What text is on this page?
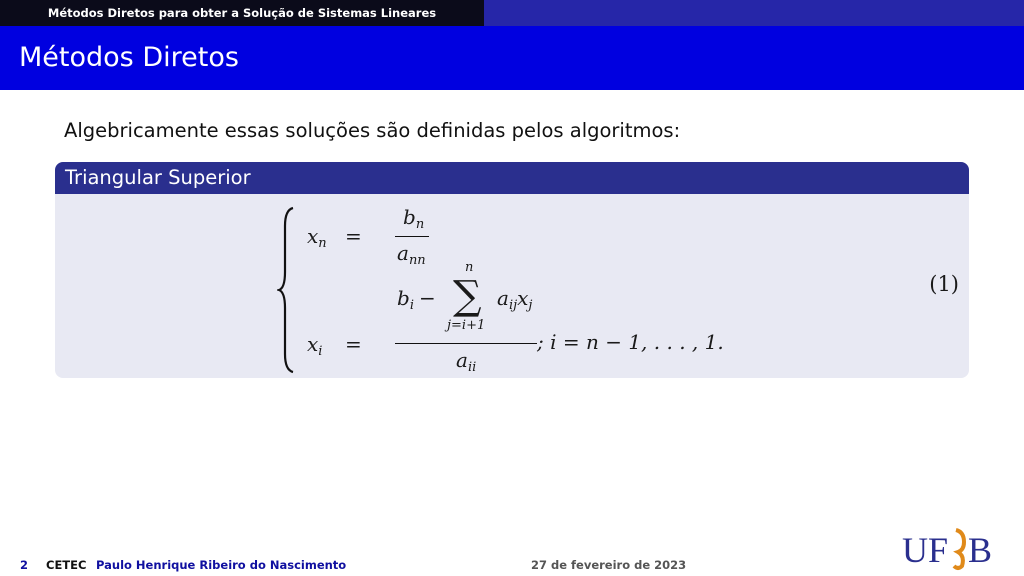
Métodos Diretos para obter a Solução de Sistemas Lineares
Métodos Diretos
Algebricamente essas soluções são definidas pelos algoritmos:
Triangular Superior
(1)
$x_n$ =
$b_n$
$a_{nn}$
$x_i$ =
$b_i$ −
n
∑
j=i+1
$a_{ij}x_j$
$a_{ii}$
; i = n − 1, . . . , 1.
2 CETEC Paulo Henrique Ribeiro do Nascimento	27 de fevereiro de 2023	UF B
